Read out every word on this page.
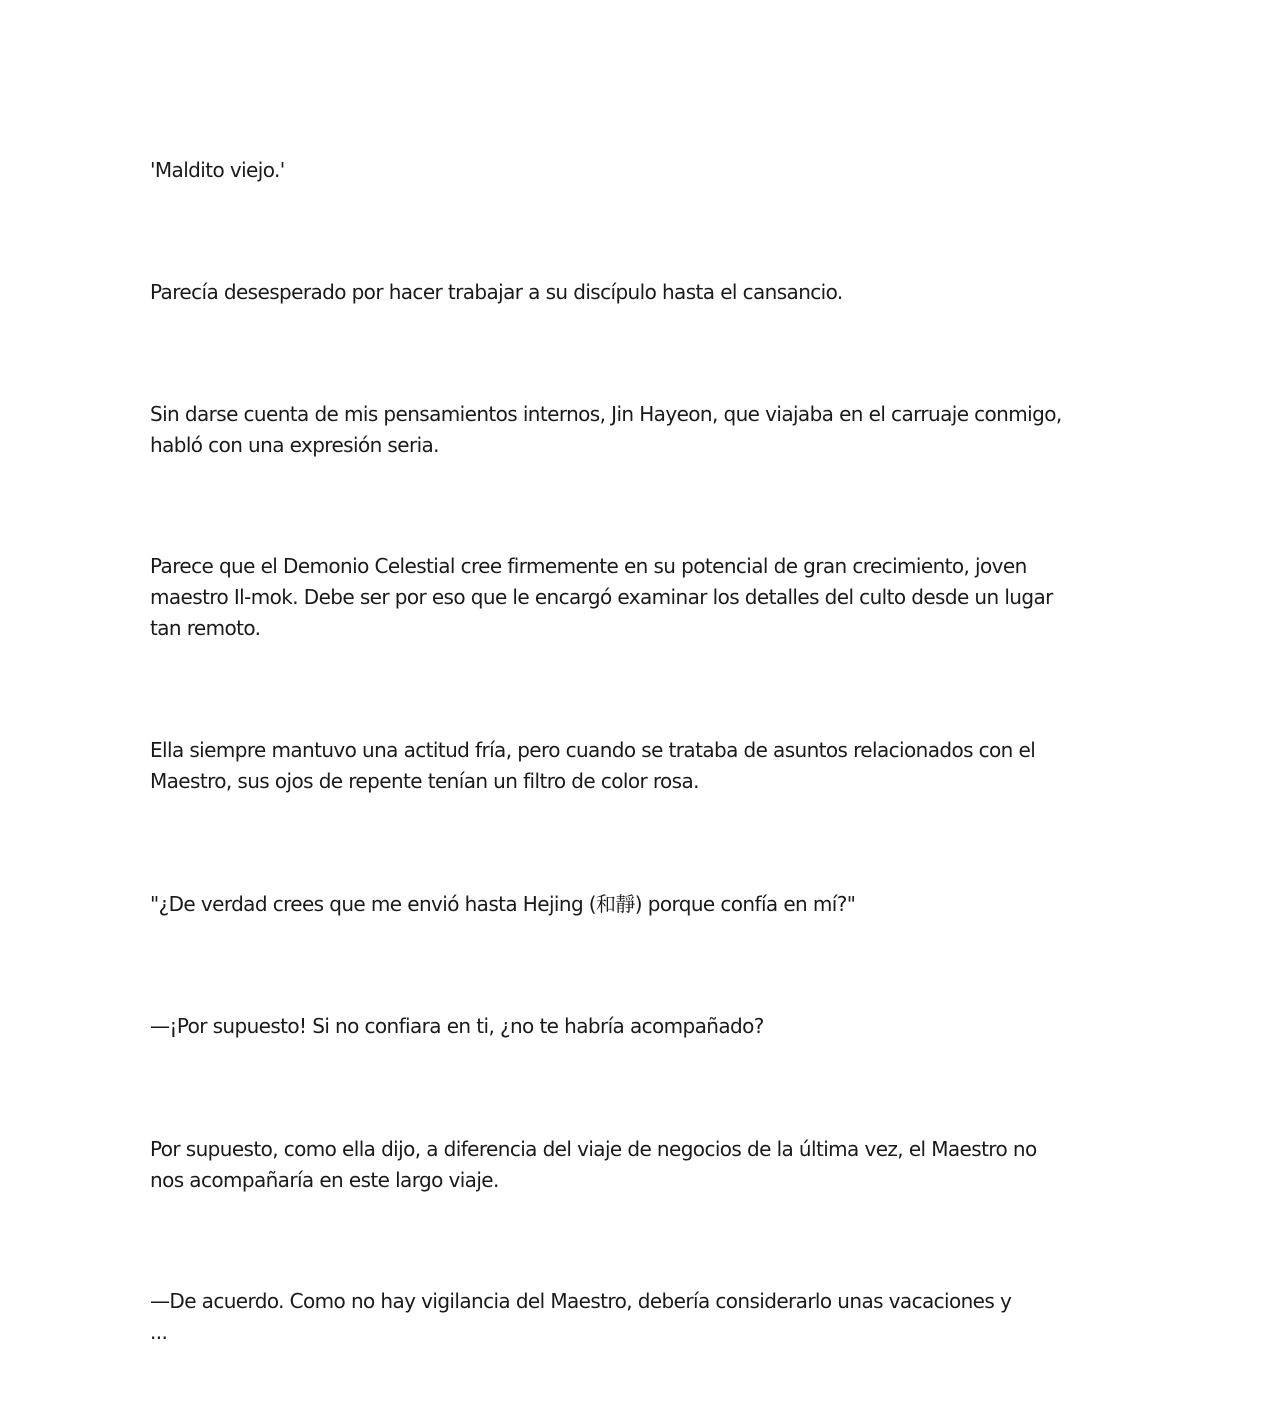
'Maldito viejo.'

Parecía desesperado por hacer trabajar a su discípulo hasta el cansancio.

Sin darse cuenta de mis pensamientos internos, Jin Hayeon, que viajaba en el carruaje conmigo,
habló con una expresión seria.

Parece que el Demonio Celestial cree firmemente en su potencial de gran crecimiento, joven
maestro Il-mok. Debe ser por eso que le encargó examinar los detalles del culto desde un lugar
tan remoto.

Ella siempre mantuvo una actitud fría, pero cuando se trataba de asuntos relacionados con el
Maestro, sus ojos de repente tenían un filtro de color rosa.

"¿De verdad crees que me envió hasta Hejing (和靜) porque confía en mí?"

—¡Por supuesto! Si no confiara en ti, ¿no te habría acompañado?

Por supuesto, como ella dijo, a diferencia del viaje de negocios de la última vez, el Maestro no
nos acompañaría en este largo viaje.

—De acuerdo. Como no hay vigilancia del Maestro, debería considerarlo unas vacaciones y
...
